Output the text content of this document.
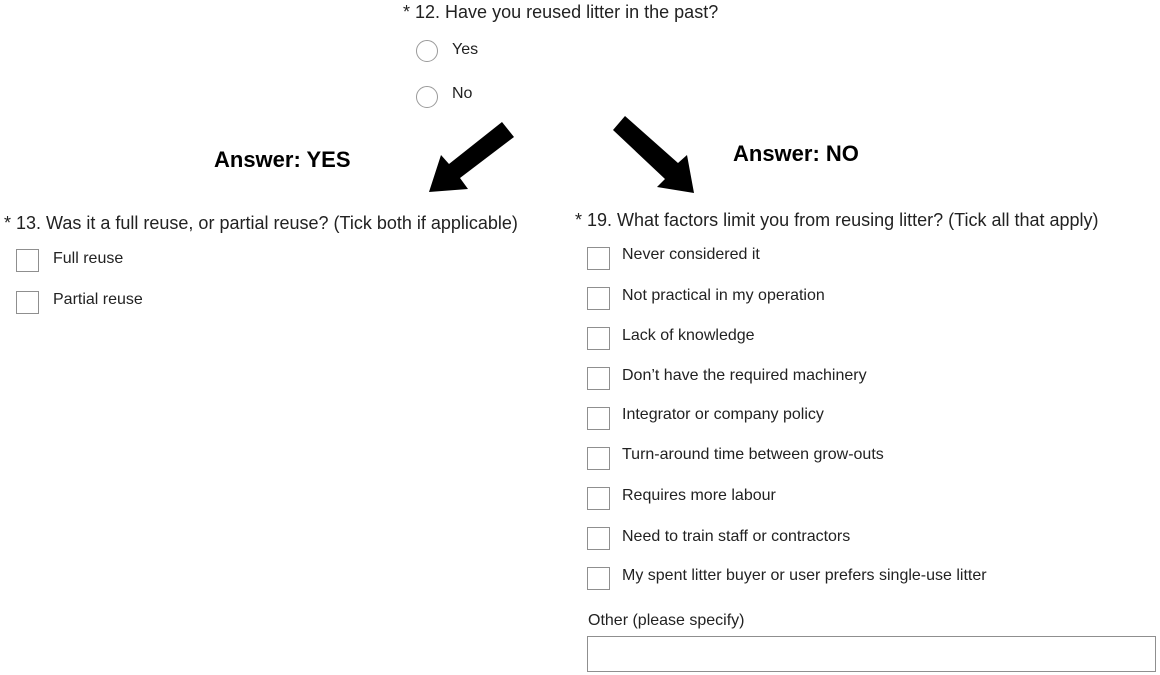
* 12. Have you reused litter in the past?
Yes
No
Answer: YES	Answer: NO
* 13. Was it a full reuse, or partial reuse? (Tick both if applicable)
Full reuse
Partial reuse
* 19. What factors limit you from reusing litter? (Tick all that apply)
Never considered it
Not practical in my operation
Lack of knowledge
Don’t have the required machinery
Integrator or company policy
Turn-around time between grow-outs
Requires more labour
Need to train staff or contractors
My spent litter buyer or user prefers single-use litter
Other (please specify)
